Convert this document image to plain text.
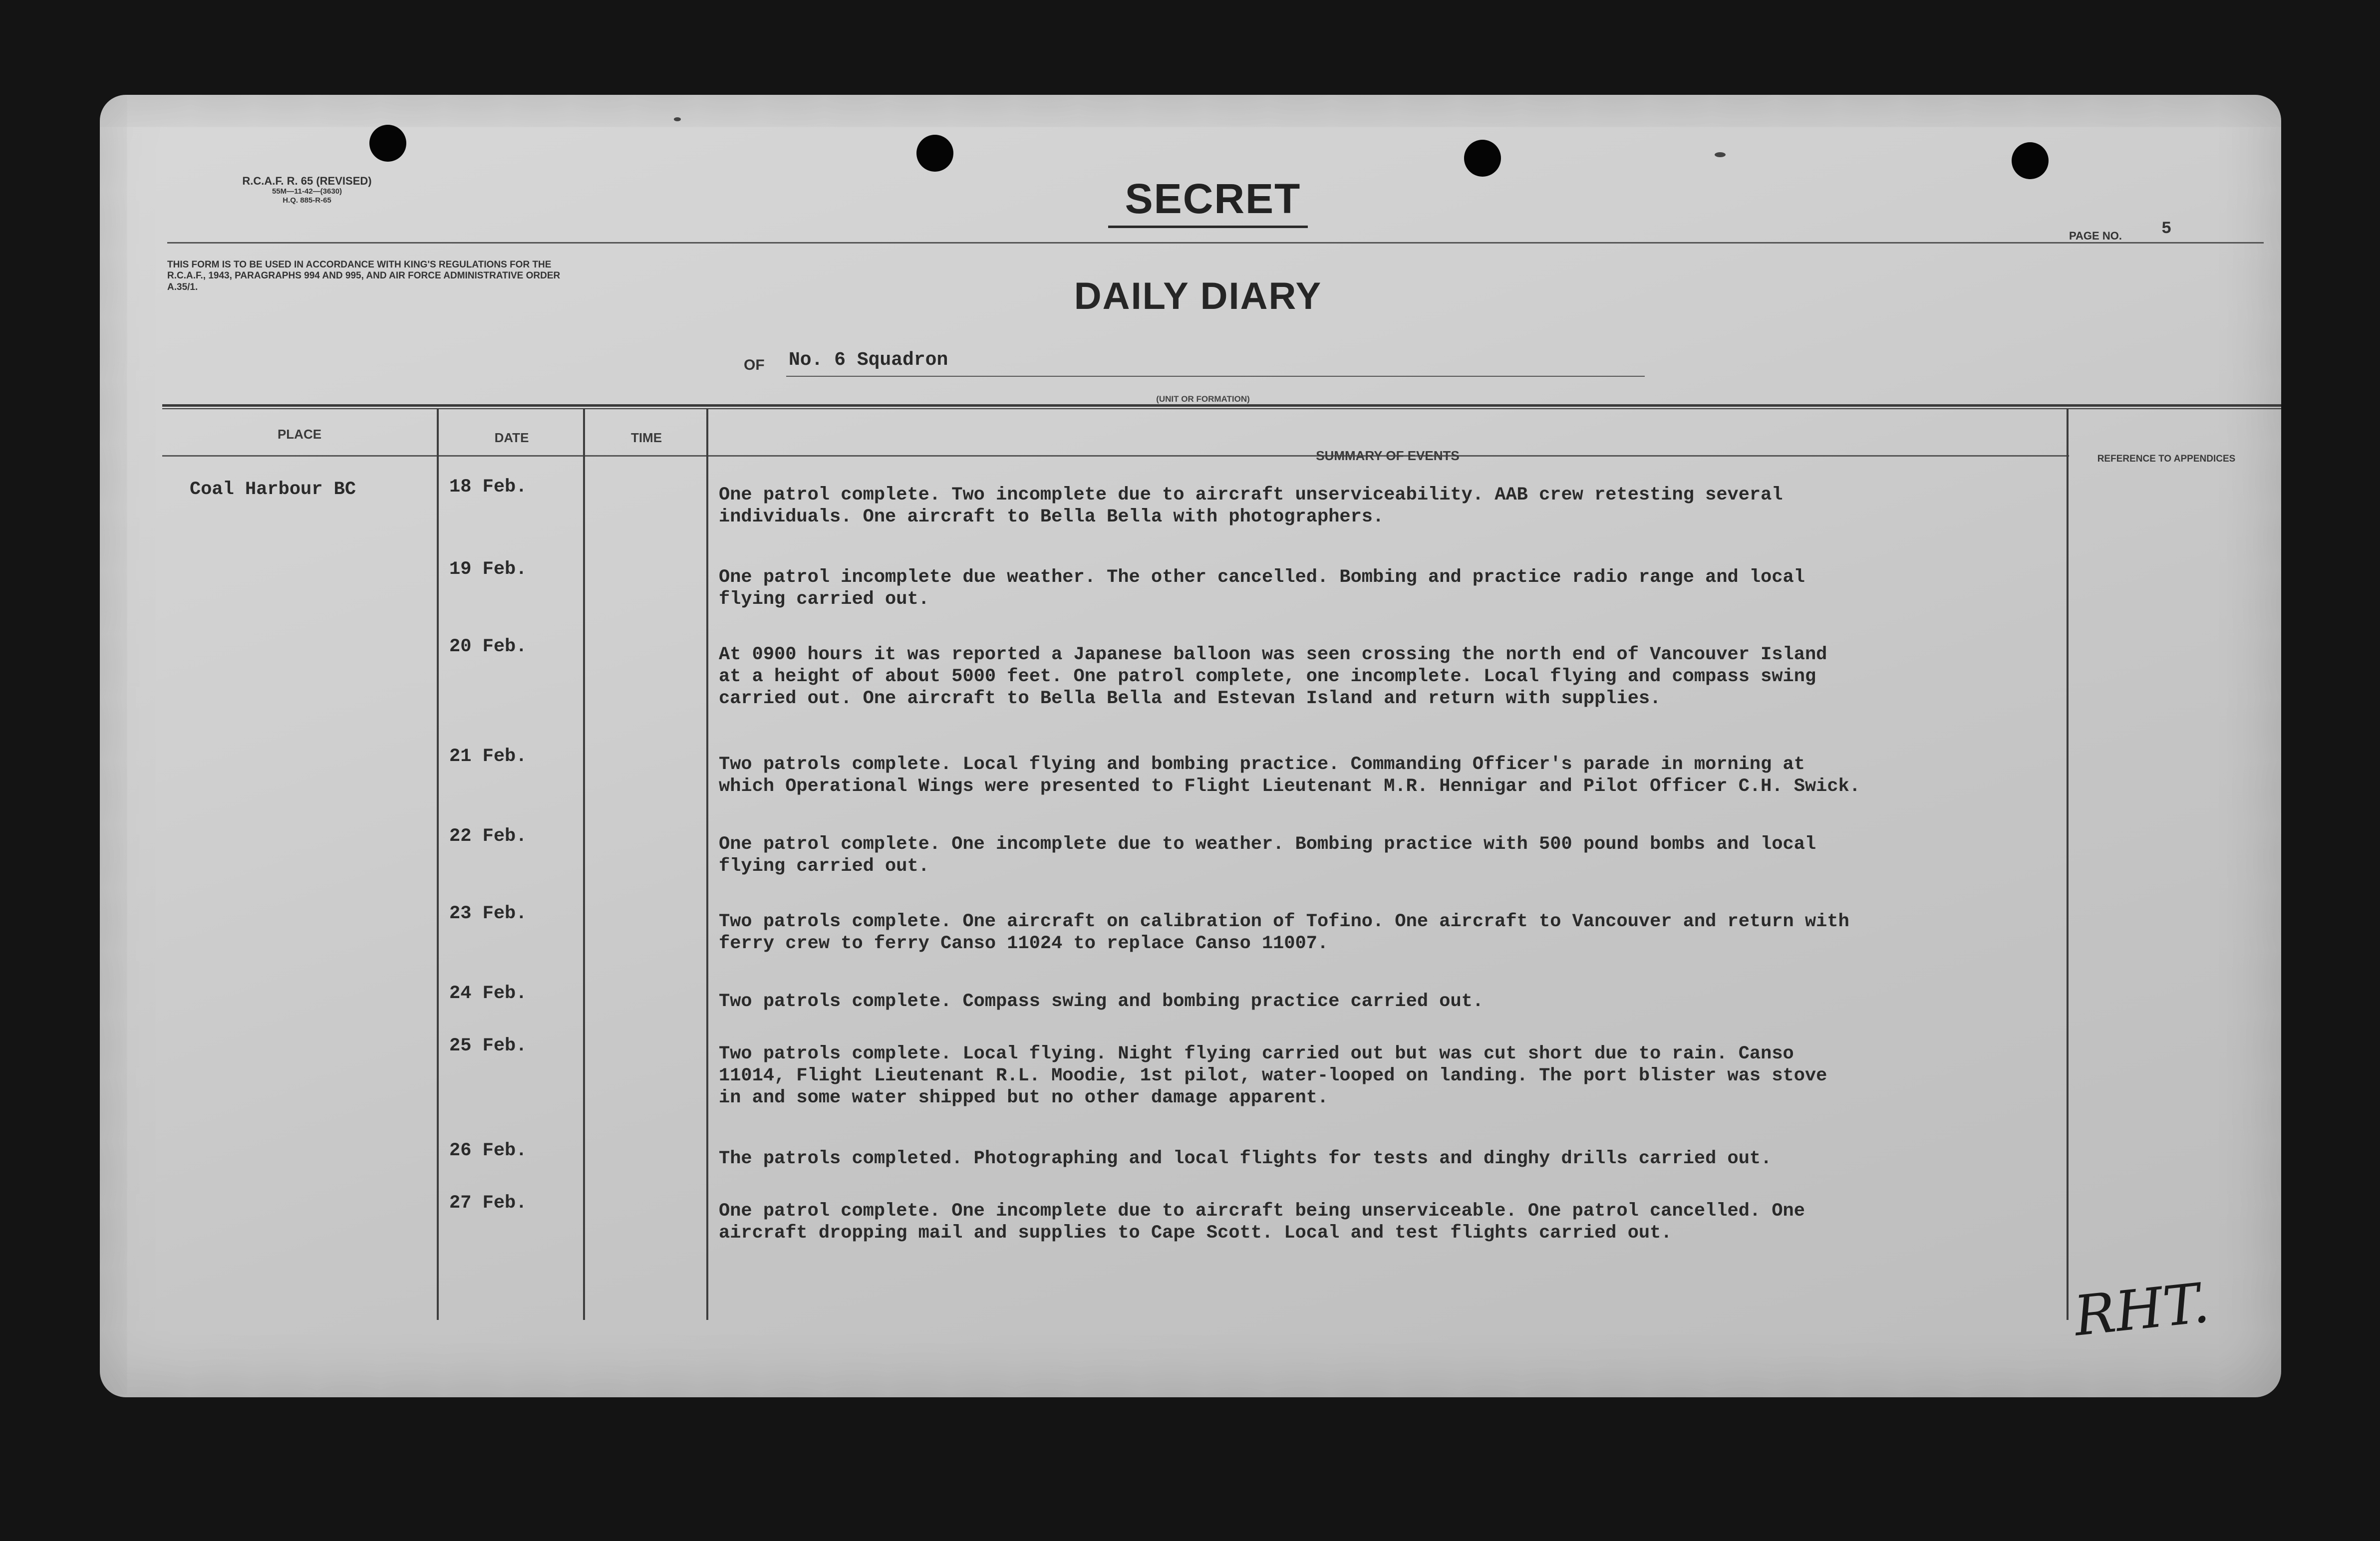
R.C.A.F. R. 65 (REVISED)
55M—11-42—(3630)
H.Q. 885-R-65
THIS FORM IS TO BE USED IN ACCORDANCE WITH KING'S REGULATIONS FOR THE R.C.A.F., 1943, PARAGRAPHS 994 AND 995, AND AIR FORCE ADMINISTRATIVE ORDER A.35/1.
SECRET
PAGE NO. 5
DAILY DIARY
OF No. 6 Squadron
(UNIT OR FORMATION)
PLACE	DATE	TIME
SUMMARY OF EVENTS	REFERENCE TO APPENDICES
Coal Harbour BC	18 Feb.	One patrol complete. Two incomplete due to aircraft unserviceability. AAB crew retesting several
individuals. One aircraft to Bella Bella with photographers.
19 Feb.	One patrol incomplete due weather. The other cancelled. Bombing and practice radio range and local
flying carried out.
20 Feb.	At 0900 hours it was reported a Japanese balloon was seen crossing the north end of Vancouver Island
at a height of about 5000 feet. One patrol complete, one incomplete. Local flying and compass swing
carried out. One aircraft to Bella Bella and Estevan Island and return with supplies.
21 Feb.	Two patrols complete. Local flying and bombing practice. Commanding Officer's parade in morning at
which Operational Wings were presented to Flight Lieutenant M.R. Hennigar and Pilot Officer C.H. Swick.
22 Feb.	One patrol complete. One incomplete due to weather. Bombing practice with 500 pound bombs and local
flying carried out.
23 Feb.	Two patrols complete. One aircraft on calibration of Tofino. One aircraft to Vancouver and return with
ferry crew to ferry Canso 11024 to replace Canso 11007.
24 Feb.	Two patrols complete. Compass swing and bombing practice carried out.
25 Feb.	Two patrols complete. Local flying. Night flying carried out but was cut short due to rain. Canso
11014, Flight Lieutenant R.L. Moodie, 1st pilot, water-looped on landing. The port blister was stove
in and some water shipped but no other damage apparent.
26 Feb.	The patrols completed. Photographing and local flights for tests and dinghy drills carried out.
27 Feb.	One patrol complete. One incomplete due to aircraft being unserviceable. One patrol cancelled. One
aircraft dropping mail and supplies to Cape Scott. Local and test flights carried out.
RHT.
